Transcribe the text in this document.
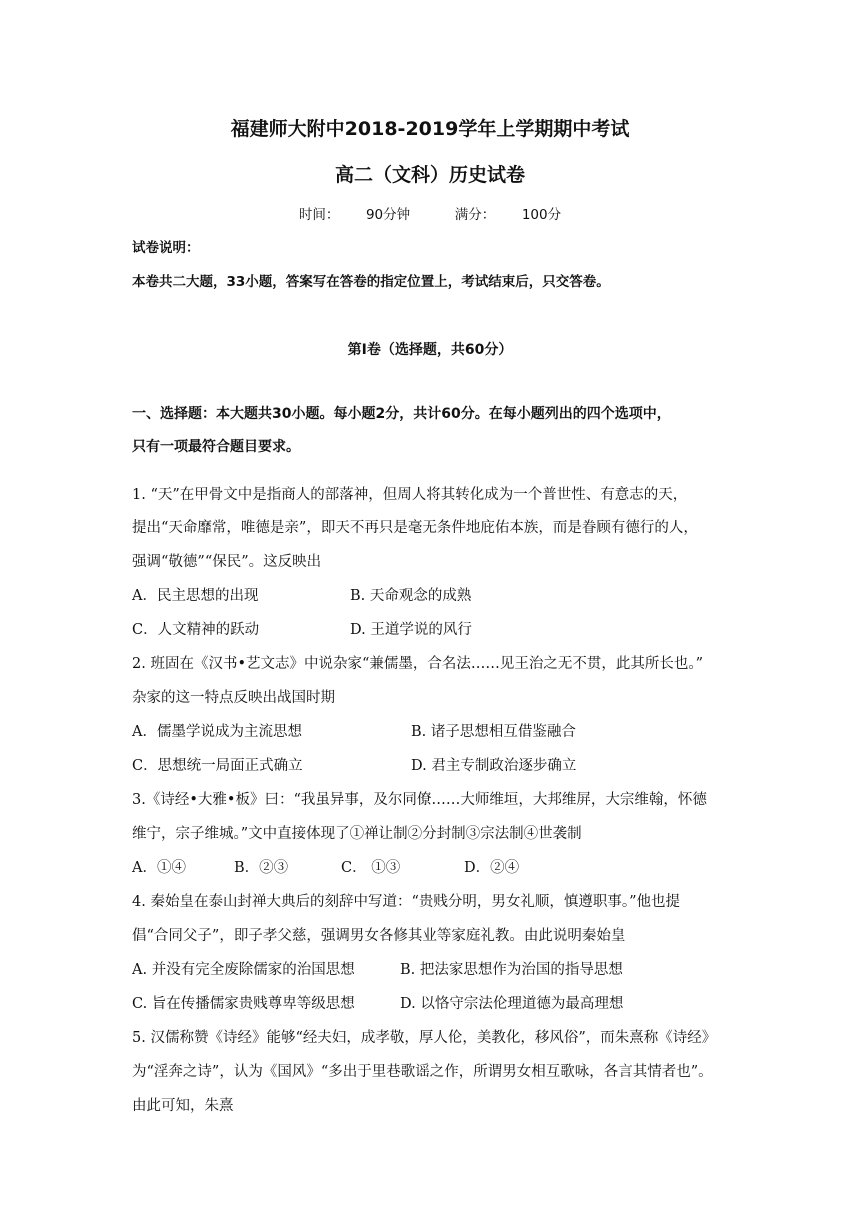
福建师大附中2018-2019学年上学期期中考试
高二（文科）历史试卷
时间： 90分钟	满分： 100分
试卷说明：
本卷共二大题，33小题，答案写在答卷的指定位置上，考试结束后，只交答卷。
第Ⅰ卷（选择题，共60分）
一、选择题：本大题共30小题。每小题2分，共计60分。在每小题列出的四个选项中，
只有一项最符合题目要求。
1. “天”在甲骨文中是指商人的部落神，但周人将其转化成为一个普世性、有意志的天，
提出“天命靡常，唯德是亲”，即天不再只是毫无条件地庇佑本族，而是眷顾有德行的人，
强调“敬德”“保民”。这反映出
A．民主思想的出现	B. 天命观念的成熟
C．人文精神的跃动	D. 王道学说的风行
2. 班固在《汉书•艺文志》中说杂家“兼儒墨，合名法……见王治之无不贯，此其所长也。”
杂家的这一特点反映出战国时期
A．儒墨学说成为主流思想	B. 诸子思想相互借鉴融合
C．思想统一局面正式确立	D. 君主专制政治逐步确立
3.《诗经•大雅•板》曰：“我虽异事，及尔同僚……大师维垣，大邦维屏，大宗维翰，怀德
维宁，宗子维城。”文中直接体现了①禅让制②分封制③宗法制④世袭制
A．①④	B．②③	C． ①③	D．②④
4. 秦始皇在泰山封禅大典后的刻辞中写道：“贵贱分明，男女礼顺，慎遵职事。”他也提
倡“合同父子”，即子孝父慈，强调男女各修其业等家庭礼教。由此说明秦始皇
A. 并没有完全废除儒家的治国思想	B. 把法家思想作为治国的指导思想
C. 旨在传播儒家贵贱尊卑等级思想	D. 以恪守宗法伦理道德为最高理想
5. 汉儒称赞《诗经》能够“经夫妇，成孝敬，厚人伦，美教化，移风俗”，而朱熹称《诗经》
为“淫奔之诗”，认为《国风》“多出于里巷歌谣之作，所谓男女相互歌咏，各言其情者也”。
由此可知，朱熹
